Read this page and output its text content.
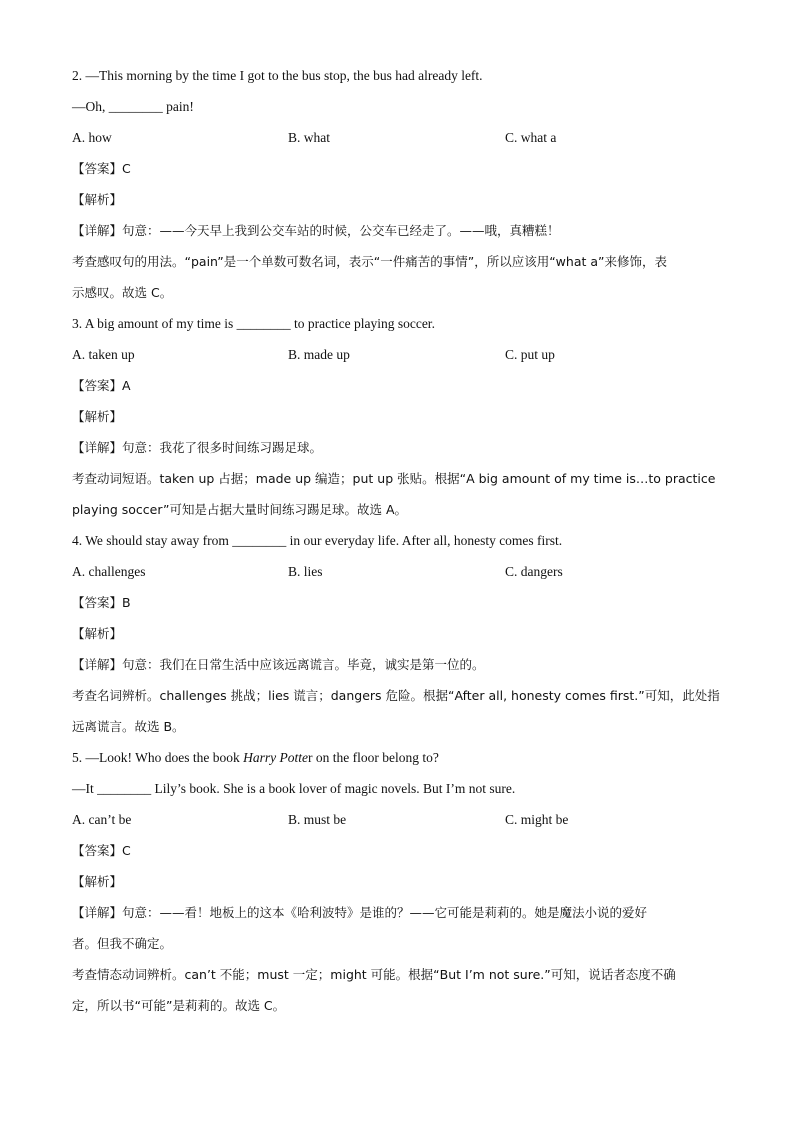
2. —This morning by the time I got to the bus stop, the bus had already left.
—Oh, ________ pain!
A. how	B. what	C. what a
【答案】C
【解析】
【详解】句意：——今天早上我到公交车站的时候，公交车已经走了。——哦，真糟糕！
考查感叹句的用法。“pain”是一个单数可数名词，表示“一件痛苦的事情”，所以应该用“what a”来修饰，表
示感叹。故选 C。
3. A big amount of my time is ________ to practice playing soccer.
A. taken up	B. made up	C. put up
【答案】A
【解析】
【详解】句意：我花了很多时间练习踢足球。
考查动词短语。taken up 占据；made up 编造；put up 张贴。根据“A big amount of my time is…to practice
playing soccer”可知是占据大量时间练习踢足球。故选 A。
4. We should stay away from ________ in our everyday life. After all, honesty comes first.
A. challenges	B. lies	C. dangers
【答案】B
【解析】
【详解】句意：我们在日常生活中应该远离谎言。毕竟，诚实是第一位的。
考查名词辨析。challenges 挑战；lies 谎言；dangers 危险。根据“After all, honesty comes first.”可知，此处指
远离谎言。故选 B。
5. —Look! Who does the book Harry Potter on the floor belong to?
—It ________ Lily’s book. She is a book lover of magic novels. But I’m not sure.
A. can’t be	B. must be	C. might be
【答案】C
【解析】
【详解】句意：——看！地板上的这本《哈利波特》是谁的？——它可能是莉莉的。她是魔法小说的爱好
者。但我不确定。
考查情态动词辨析。can’t 不能；must 一定；might 可能。根据“But I’m not sure.”可知，说话者态度不确
定，所以书“可能”是莉莉的。故选 C。
